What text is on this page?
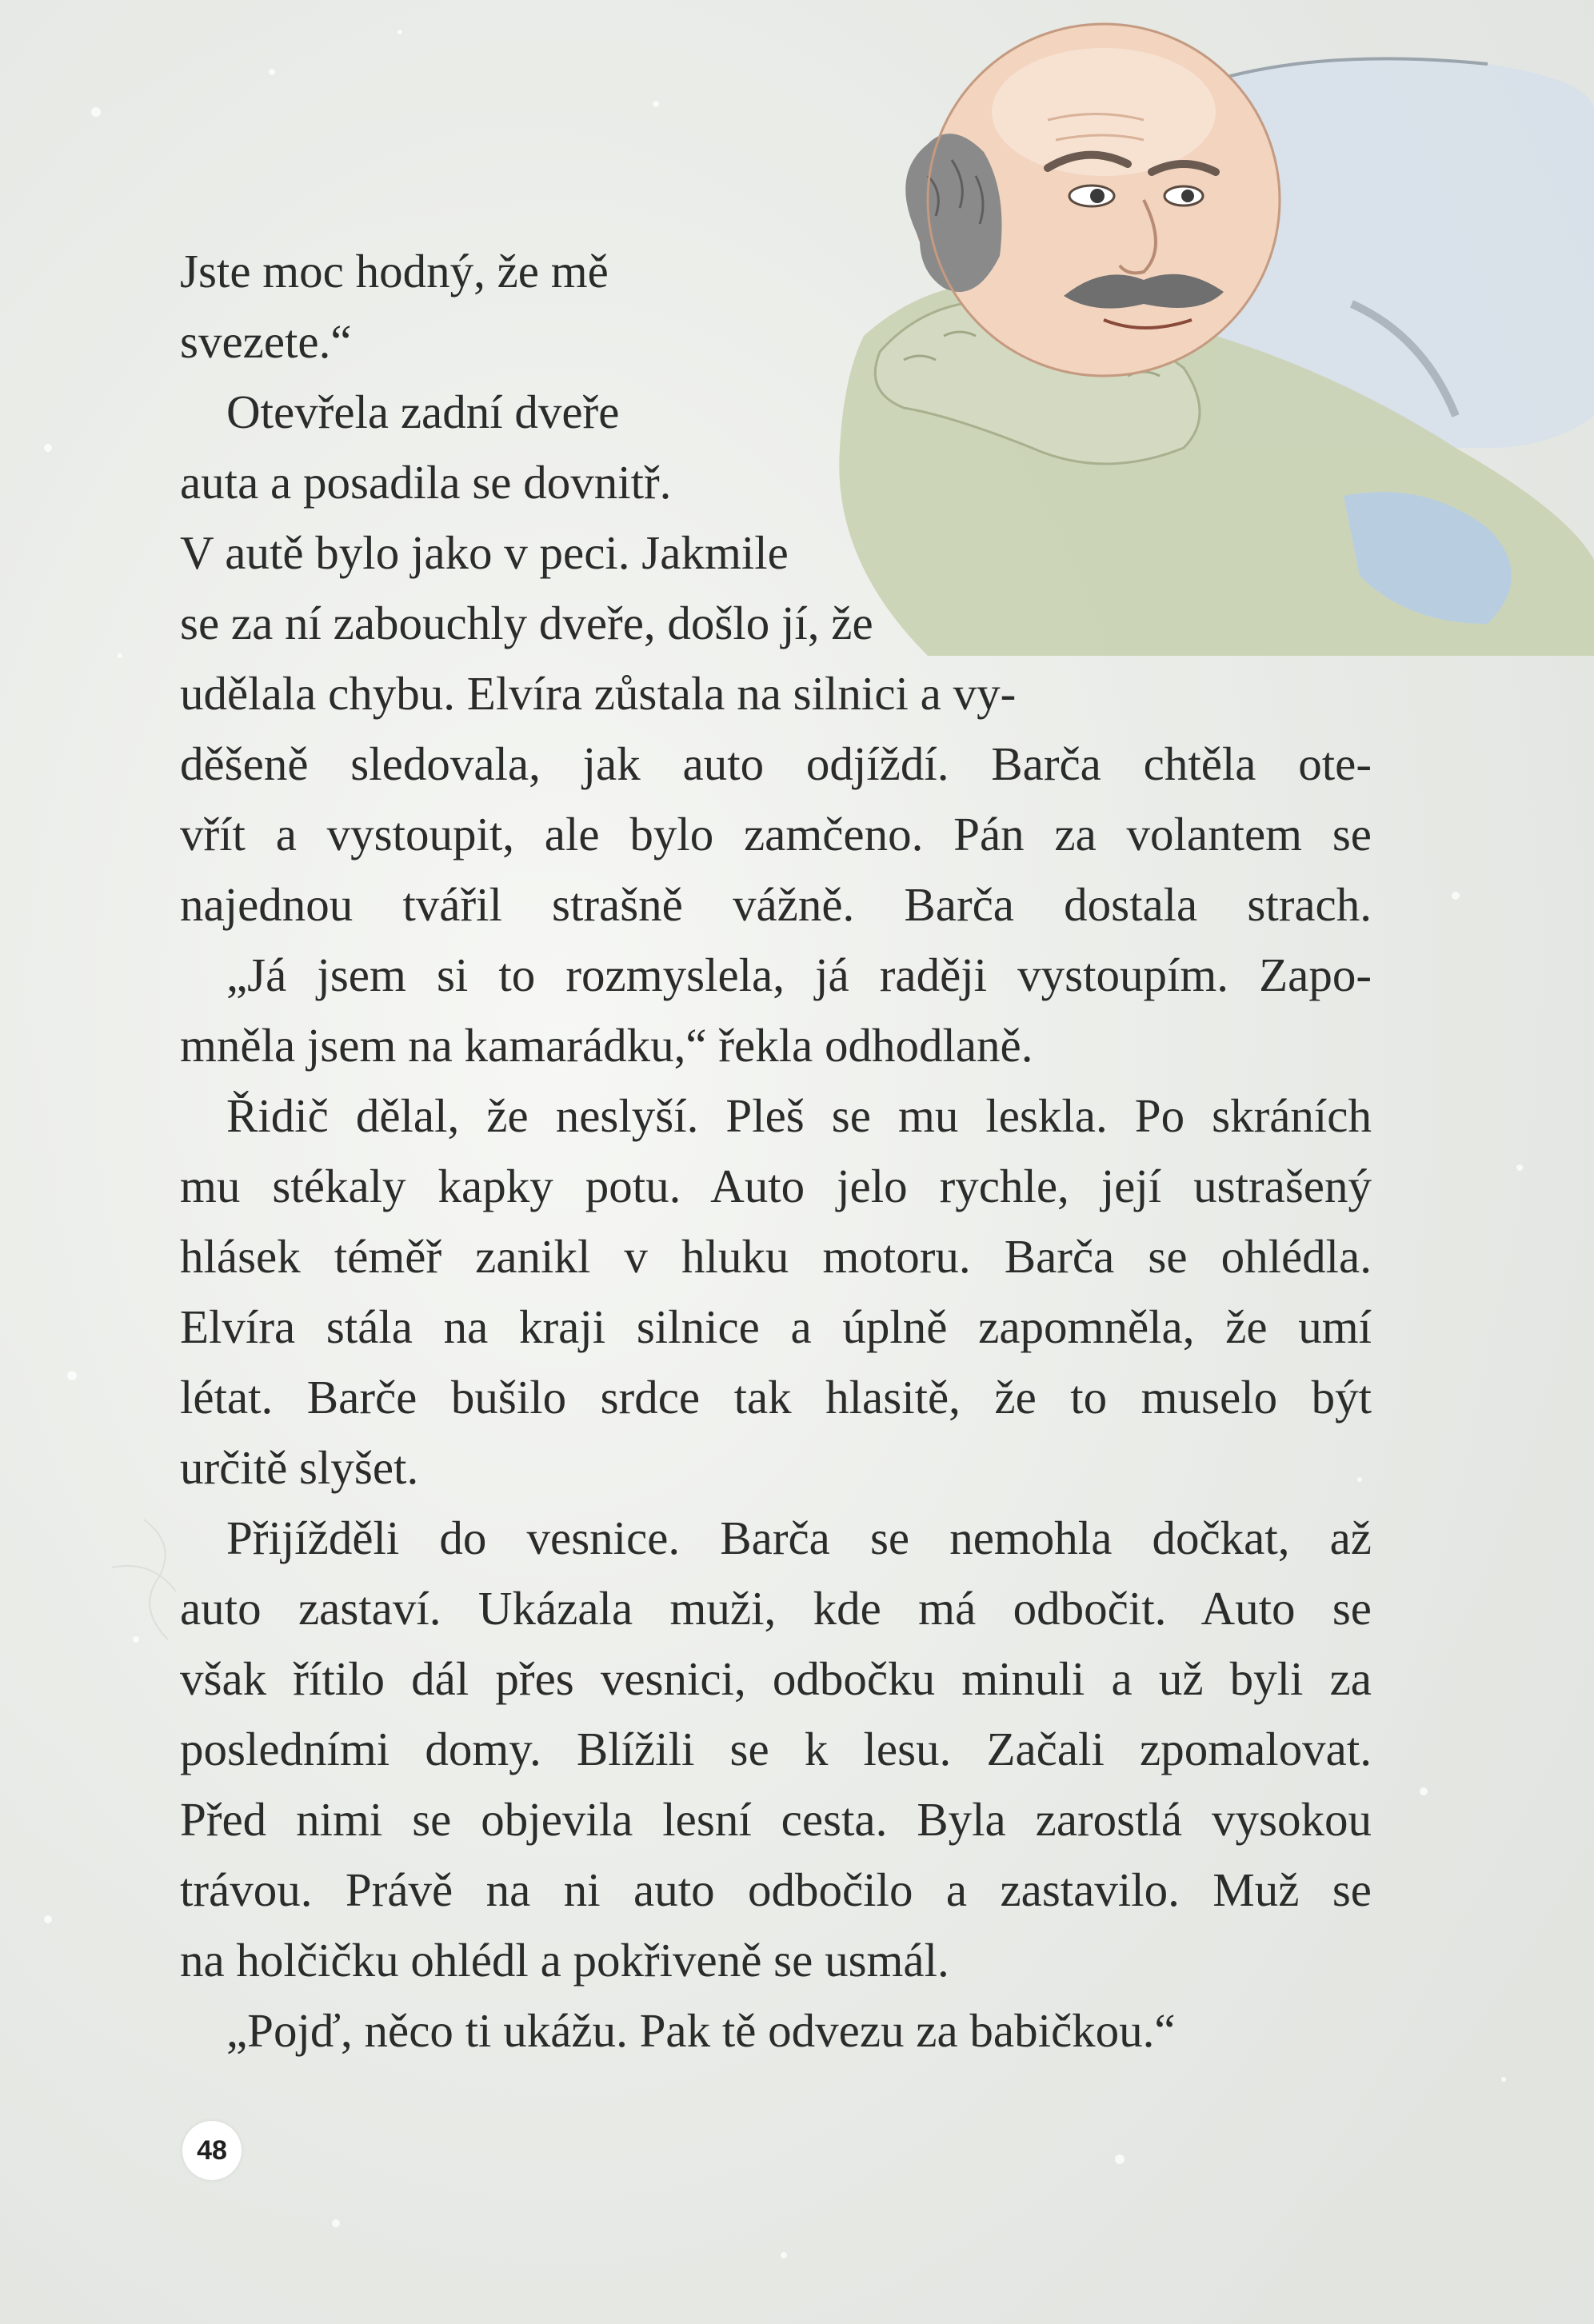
Jste moc hodný, že mě
svezete.“
Otevřela zadní dveře
auta a posadila se dovnitř.
V autě bylo jako v peci. Jakmile
se za ní zabouchly dveře, došlo jí, že
udělala chybu. Elvíra zůstala na silnici a vy-
děšeně sledovala, jak auto odjíždí. Barča chtěla ote-
vřít a vystoupit, ale bylo zamčeno. Pán za volantem se
najednou tvářil strašně vážně. Barča dostala strach.
„Já jsem si to rozmyslela, já raději vystoupím. Zapo-
mněla jsem na kamarádku,“ řekla odhodlaně.
Řidič dělal, že neslyší. Pleš se mu leskla. Po skráních
mu stékaly kapky potu. Auto jelo rychle, její ustrašený
hlásek téměř zanikl v hluku motoru. Barča se ohlédla.
Elvíra stála na kraji silnice a úplně zapomněla, že umí
létat. Barče bušilo srdce tak hlasitě, že to muselo být
určitě slyšet.
Přijížděli do vesnice. Barča se nemohla dočkat, až
auto zastaví. Ukázala muži, kde má odbočit. Auto se
však řítilo dál přes vesnici, odbočku minuli a už byli za
posledními domy. Blížili se k lesu. Začali zpomalovat.
Před nimi se objevila lesní cesta. Byla zarostlá vysokou
trávou. Právě na ni auto odbočilo a zastavilo. Muž se
na holčičku ohlédl a pokřiveně se usmál.
„Pojď, něco ti ukážu. Pak tě odvezu za babičkou.“
48
